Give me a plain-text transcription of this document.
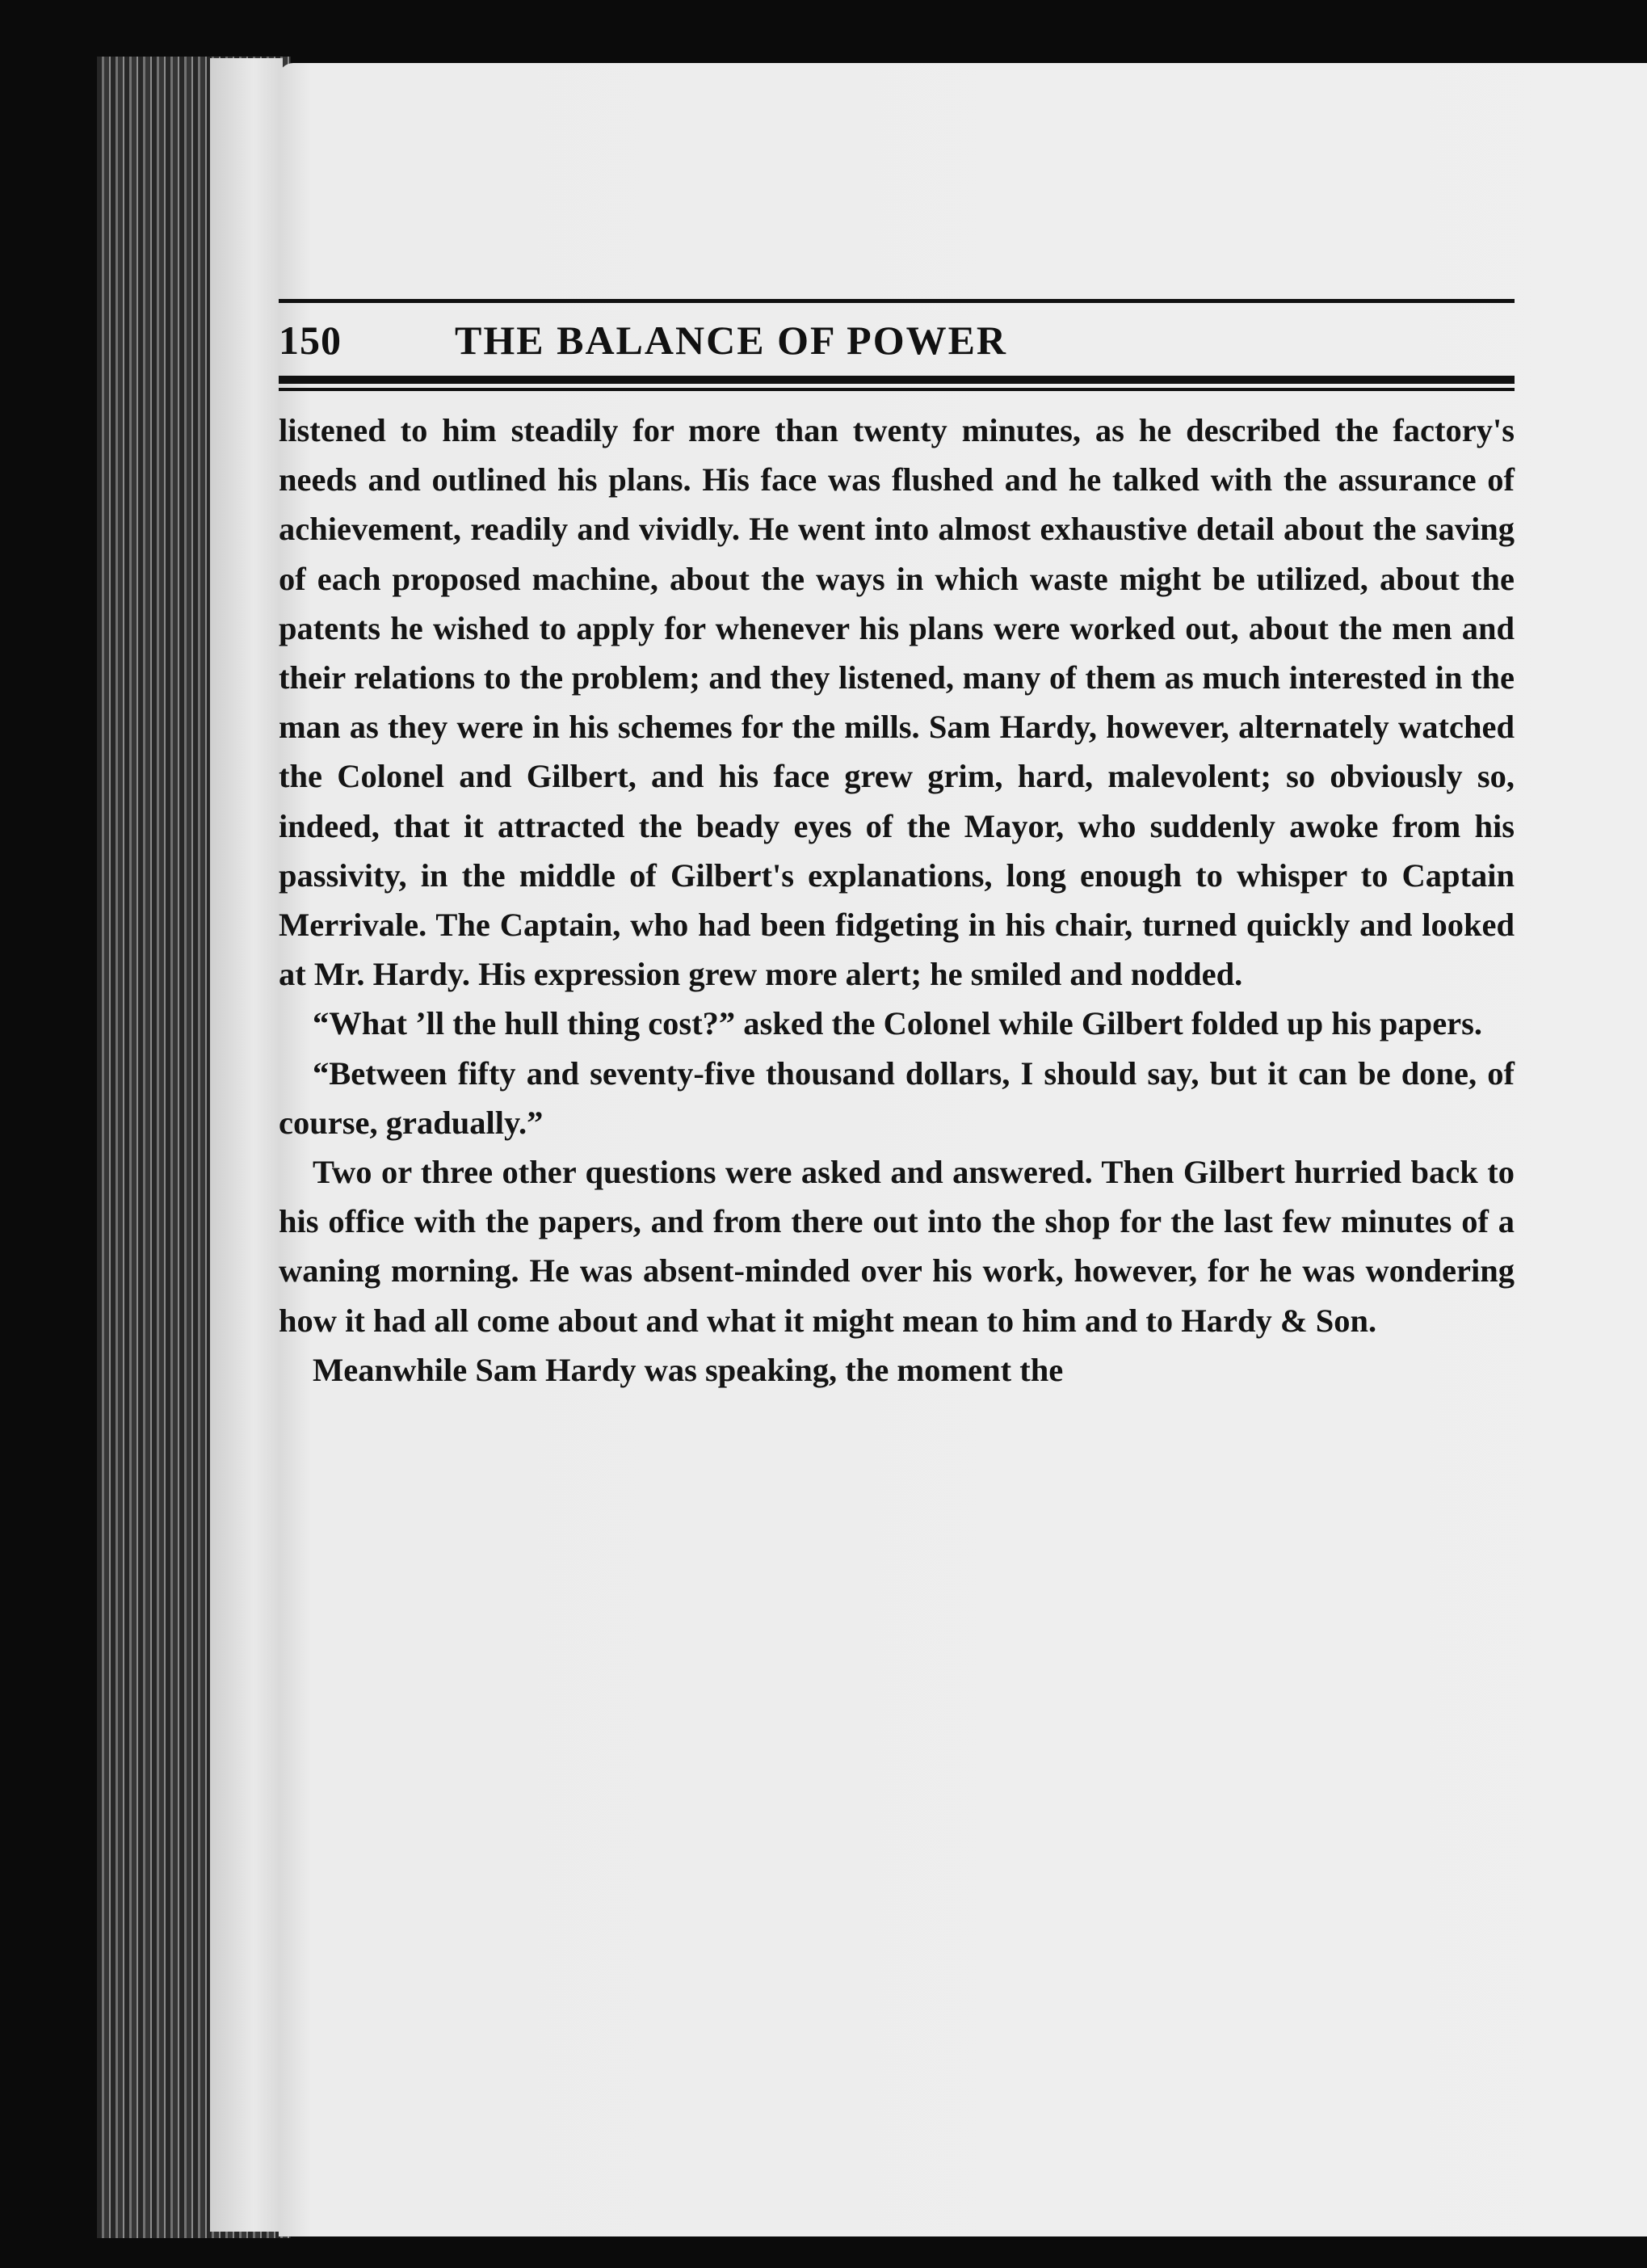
150	THE BALANCE OF POWER

listened to him steadily for more than twenty minutes, as he described the factory's needs and outlined his plans. His face was flushed and he talked with the assurance of achievement, readily and vividly. He went into almost exhaustive detail about the saving of each proposed machine, about the ways in which waste might be utilized, about the patents he wished to apply for whenever his plans were worked out, about the men and their relations to the problem; and they listened, many of them as much interested in the man as they were in his schemes for the mills. Sam Hardy, however, alternately watched the Colonel and Gilbert, and his face grew grim, hard, malevolent; so obviously so, indeed, that it attracted the beady eyes of the Mayor, who suddenly awoke from his passivity, in the middle of Gilbert's explanations, long enough to whisper to Captain Merrivale. The Captain, who had been fidgeting in his chair, turned quickly and looked at Mr. Hardy. His expression grew more alert; he smiled and nodded.

“What ’ll the hull thing cost?” asked the Colonel while Gilbert folded up his papers.

“Between fifty and seventy-five thousand dollars, I should say, but it can be done, of course, gradually.”

Two or three other questions were asked and answered. Then Gilbert hurried back to his office with the papers, and from there out into the shop for the last few minutes of a waning morning. He was absent-minded over his work, however, for he was wondering how it had all come about and what it might mean to him and to Hardy & Son.

Meanwhile Sam Hardy was speaking, the moment the
